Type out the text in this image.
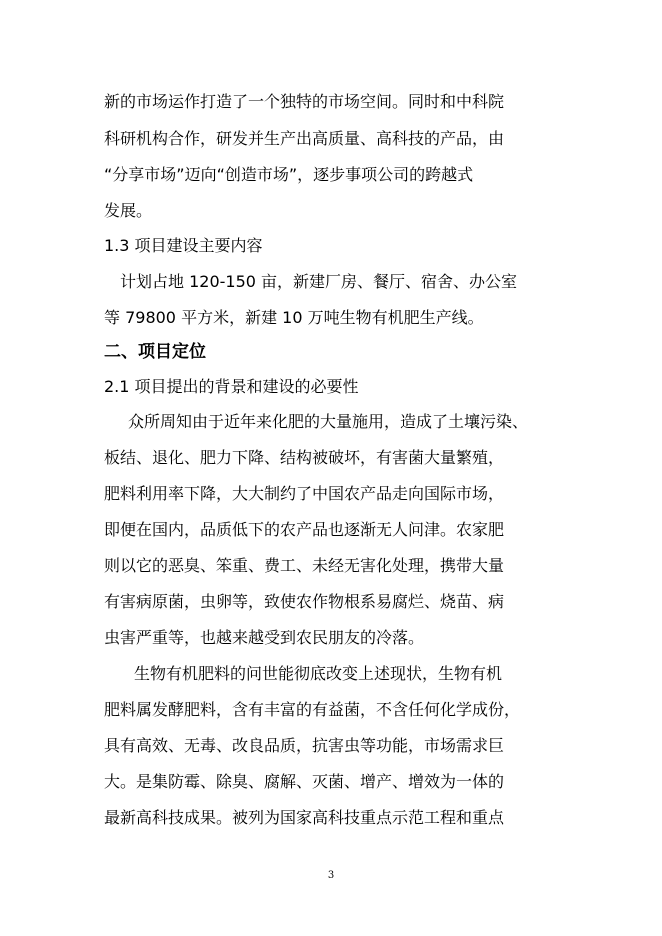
新的市场运作打造了一个独特的市场空间。同时和中科院
科研机构合作，研发并生产出高质量、高科技的产品，由
“分享市场”迈向“创造市场”，逐步事项公司的跨越式
发展。
1.3 项目建设主要内容
计划占地 120-150 亩，新建厂房、餐厅、宿舍、办公室
等 79800 平方米，新建 10 万吨生物有机肥生产线。
二、项目定位
2.1 项目提出的背景和建设的必要性
众所周知由于近年来化肥的大量施用，造成了土壤污染、
板结、退化、肥力下降、结构被破坏，有害菌大量繁殖，
肥料利用率下降，大大制约了中国农产品走向国际市场，
即便在国内，品质低下的农产品也逐渐无人问津。农家肥
则以它的恶臭、笨重、费工、未经无害化处理，携带大量
有害病原菌，虫卵等，致使农作物根系易腐烂、烧苗、病
虫害严重等，也越来越受到农民朋友的冷落。
生物有机肥料的问世能彻底改变上述现状，生物有机
肥料属发酵肥料，含有丰富的有益菌，不含任何化学成份，
具有高效、无毒、改良品质，抗害虫等功能，市场需求巨
大。是集防霉、除臭、腐解、灭菌、增产、增效为一体的
最新高科技成果。被列为国家高科技重点示范工程和重点
3
